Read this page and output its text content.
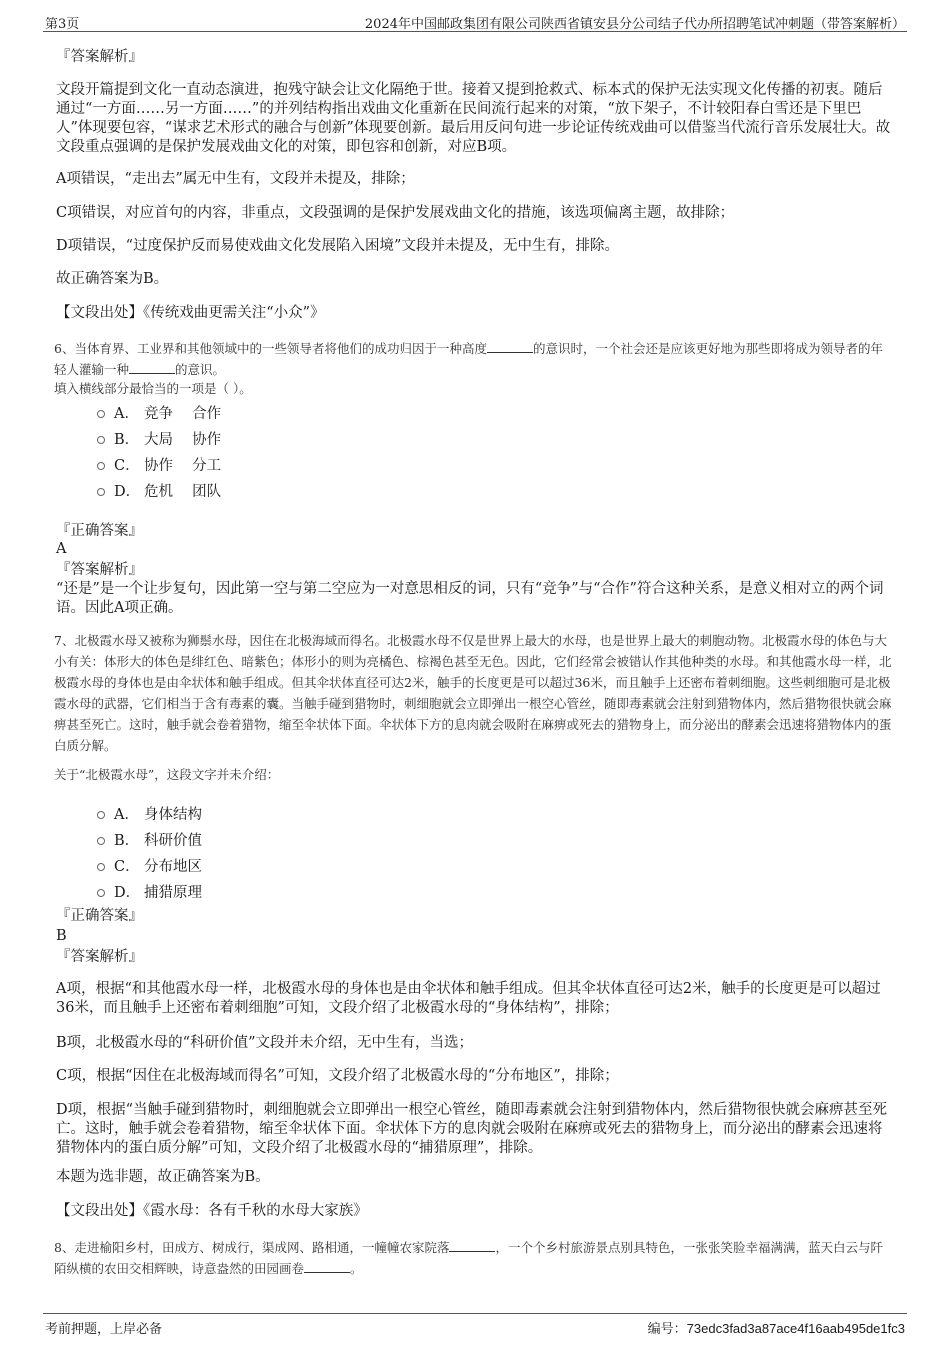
第3页	2024年中国邮政集团有限公司陕西省镇安县分公司结子代办所招聘笔试冲刺题（带答案解析）
『答案解析』

文段开篇提到文化一直动态演进，抱残守缺会让文化隔绝于世。接着又提到抢救式、标本式的保护无法实现文化传播的初衷。随后通过“一方面……另一方面……”的并列结构指出戏曲文化重新在民间流行起来的对策，“放下架子，不计较阳春白雪还是下里巴人”体现要包容，“谋求艺术形式的融合与创新”体现要创新。最后用反问句进一步论证传统戏曲可以借鉴当代流行音乐发展壮大。故文段重点强调的是保护发展戏曲文化的对策，即包容和创新，对应B项。

A项错误，“走出去”属无中生有，文段并未提及，排除；

C项错误，对应首句的内容，非重点，文段强调的是保护发展戏曲文化的措施，该选项偏离主题，故排除；

D项错误，“过度保护反而易使戏曲文化发展陷入困境”文段并未提及，无中生有，排除。

故正确答案为B。

【文段出处】《传统戏曲更需关注“小众”》

6、当体育界、工业界和其他领域中的一些领导者将他们的成功归因于一种高度	的意识时，一个社会还是应该更好地为那些即将成为领导者的年轻人灌输一种	的意识。

填入横线部分最恰当的一项是（ ）。

A． 竞争　 合作
B． 大局　 协作
C． 协作　 分工
D． 危机　 团队
『正确答案』
A
『答案解析』

“还是”是一个让步复句，因此第一空与第二空应为一对意思相反的词，只有“竞争”与“合作”符合这种关系，是意义相对立的两个词语。因此A项正确。

7、北极霞水母又被称为狮鬃水母，因住在北极海域而得名。北极霞水母不仅是世界上最大的水母，也是世界上最大的刺胞动物。北极霞水母的体色与大小有关：体形大的体色是绯红色、暗紫色；体形小的则为亮橘色、棕褐色甚至无色。因此，它们经常会被错认作其他种类的水母。和其他霞水母一样，北极霞水母的身体也是由伞状体和触手组成。但其伞状体直径可达2米，触手的长度更是可以超过36米，而且触手上还密布着刺细胞。这些刺细胞可是北极霞水母的武器，它们相当于含有毒素的囊。当触手碰到猎物时，刺细胞就会立即弹出一根空心管丝，随即毒素就会注射到猎物体内，然后猎物很快就会麻痹甚至死亡。这时，触手就会卷着猎物，缩至伞状体下面。伞状体下方的息肉就会吸附在麻痹或死去的猎物身上，而分泌出的酵素会迅速将猎物体内的蛋白质分解。

关于“北极霞水母”，这段文字并未介绍：

A． 身体结构
B． 科研价值
C． 分布地区
D． 捕猎原理
『正确答案』
B
『答案解析』

A项，根据“和其他霞水母一样，北极霞水母的身体也是由伞状体和触手组成。但其伞状体直径可达2米，触手的长度更是可以超过36米，而且触手上还密布着刺细胞”可知，文段介绍了北极霞水母的“身体结构”，排除；

B项，北极霞水母的“科研价值”文段并未介绍，无中生有，当选；

C项，根据“因住在北极海域而得名”可知，文段介绍了北极霞水母的“分布地区”，排除；

D项，根据“当触手碰到猎物时，刺细胞就会立即弹出一根空心管丝，随即毒素就会注射到猎物体内，然后猎物很快就会麻痹甚至死亡。这时，触手就会卷着猎物，缩至伞状体下面。伞状体下方的息肉就会吸附在麻痹或死去的猎物身上，而分泌出的酵素会迅速将猎物体内的蛋白质分解”可知，文段介绍了北极霞水母的“捕猎原理”，排除。

本题为选非题，故正确答案为B。

【文段出处】《霞水母：各有千秋的水母大家族》

8、走进榆阳乡村，田成方、树成行，渠成网、路相通，一幢幢农家院落	，一个个乡村旅游景点别具特色，一张张笑脸幸福满满，蓝天白云与阡陌纵横的农田交相辉映，诗意盎然的田园画卷	。

考前押题，上岸必备	编号：73edc3fad3a87ace4f16aab495de1fc3
